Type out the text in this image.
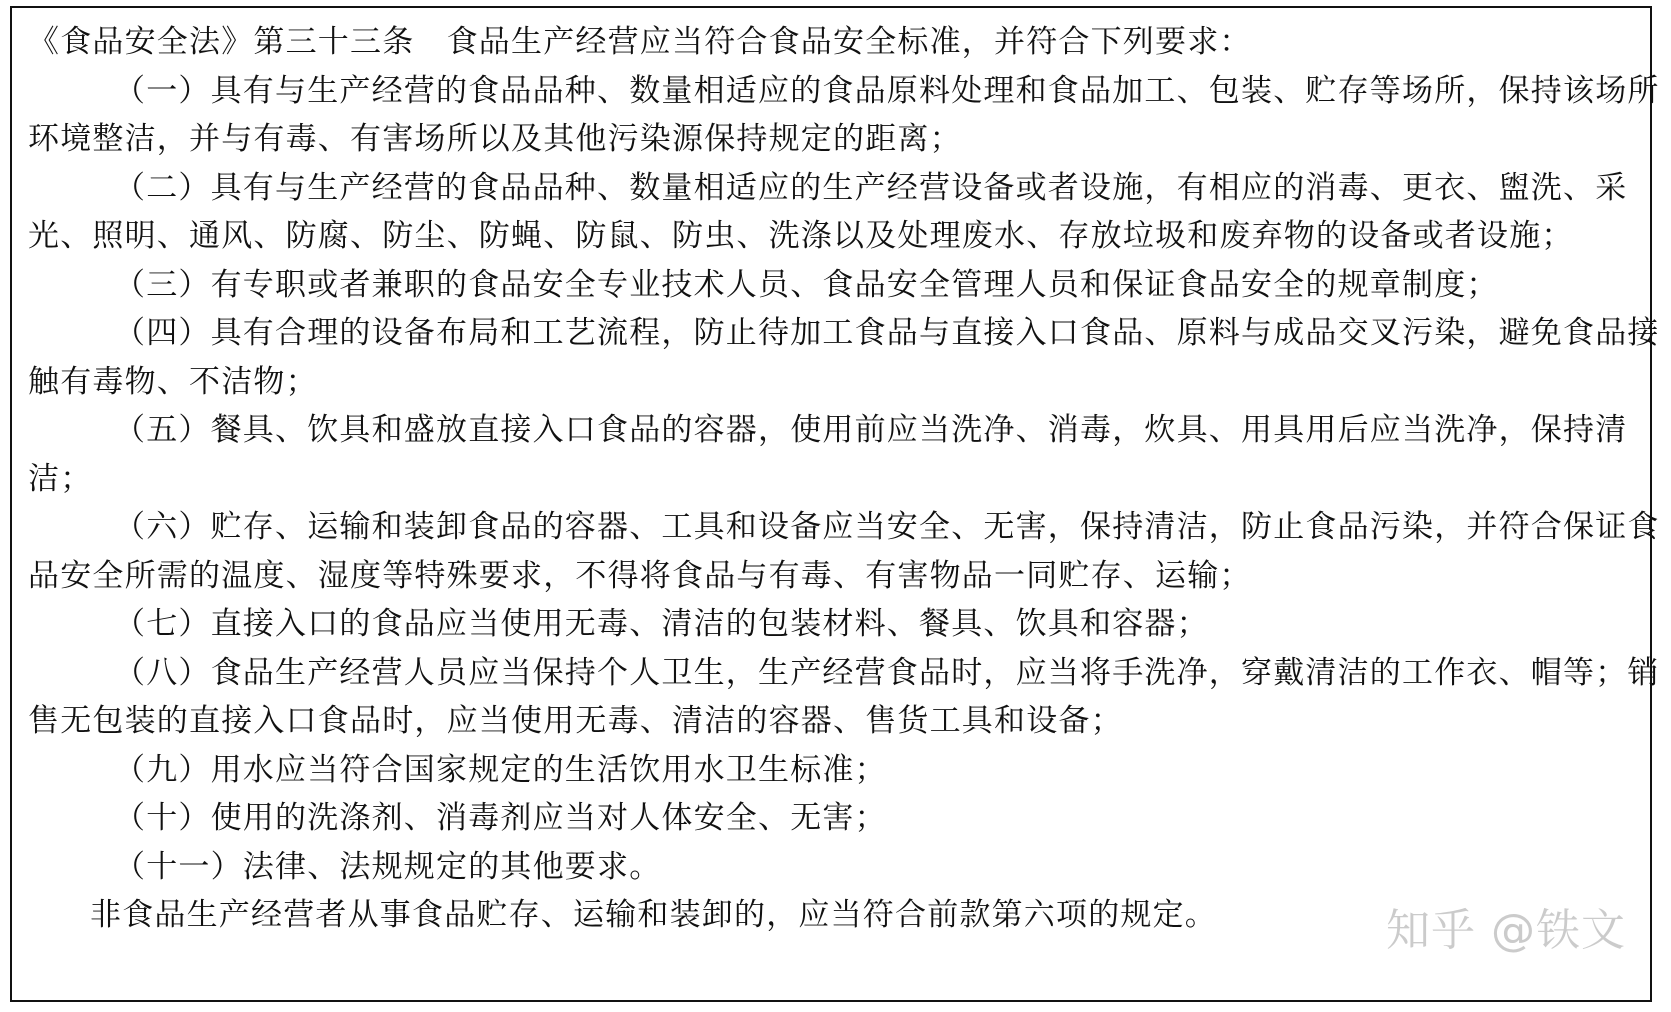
《食品安全法》第三十三条　食品生产经营应当符合食品安全标准，并符合下列要求：

（一）具有与生产经营的食品品种、数量相适应的食品原料处理和食品加工、包装、贮存等场所，保持该场所环境整洁，并与有毒、有害场所以及其他污染源保持规定的距离；

（二）具有与生产经营的食品品种、数量相适应的生产经营设备或者设施，有相应的消毒、更衣、盥洗、采光、照明、通风、防腐、防尘、防蝇、防鼠、防虫、洗涤以及处理废水、存放垃圾和废弃物的设备或者设施；

（三）有专职或者兼职的食品安全专业技术人员、食品安全管理人员和保证食品安全的规章制度；

（四）具有合理的设备布局和工艺流程，防止待加工食品与直接入口食品、原料与成品交叉污染，避免食品接触有毒物、不洁物；

（五）餐具、饮具和盛放直接入口食品的容器，使用前应当洗净、消毒，炊具、用具用后应当洗净，保持清洁；

（六）贮存、运输和装卸食品的容器、工具和设备应当安全、无害，保持清洁，防止食品污染，并符合保证食品安全所需的温度、湿度等特殊要求，不得将食品与有毒、有害物品一同贮存、运输；

（七）直接入口的食品应当使用无毒、清洁的包装材料、餐具、饮具和容器；

（八）食品生产经营人员应当保持个人卫生，生产经营食品时，应当将手洗净，穿戴清洁的工作衣、帽等；销售无包装的直接入口食品时，应当使用无毒、清洁的容器、售货工具和设备；

（九）用水应当符合国家规定的生活饮用水卫生标准；

（十）使用的洗涤剂、消毒剂应当对人体安全、无害；

（十一）法律、法规规定的其他要求。

非食品生产经营者从事食品贮存、运输和装卸的，应当符合前款第六项的规定。	知乎 @铁文
